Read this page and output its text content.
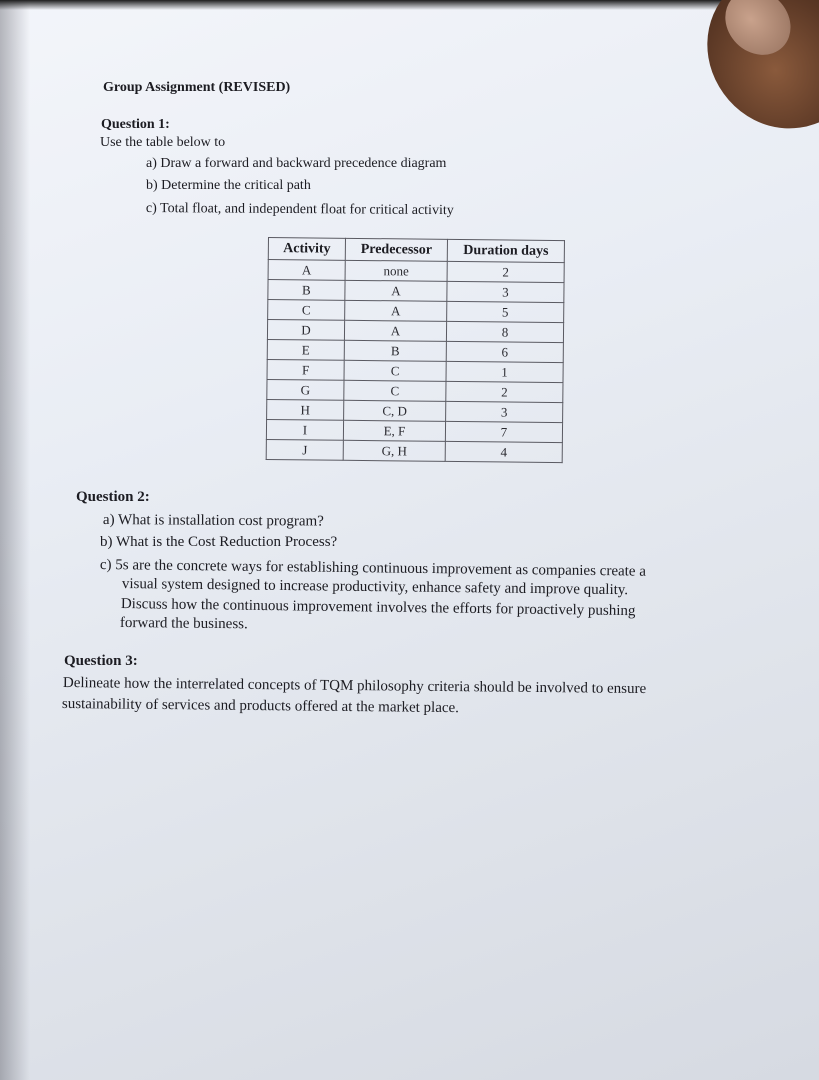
Group Assignment (REVISED)
Question 1:
Use the table below to
a) Draw a forward and backward precedence diagram
b) Determine the critical path
c) Total float, and independent float for critical activity
Activity	Predecessor	Duration days
A	none	2
B	A	3
C	A	5
D	A	8
E	B	6
F	C	1
G	C	2
H	C, D	3
I	E, F	7
J	G, H	4
Question 2:
a) What is installation cost program?
b) What is the Cost Reduction Process?
c) 5s are the concrete ways for establishing continuous improvement as companies create a
visual system designed to increase productivity, enhance safety and improve quality.
Discuss how the continuous improvement involves the efforts for proactively pushing
forward the business.
Question 3:
Delineate how the interrelated concepts of TQM philosophy criteria should be involved to ensure
sustainability of services and products offered at the market place.
